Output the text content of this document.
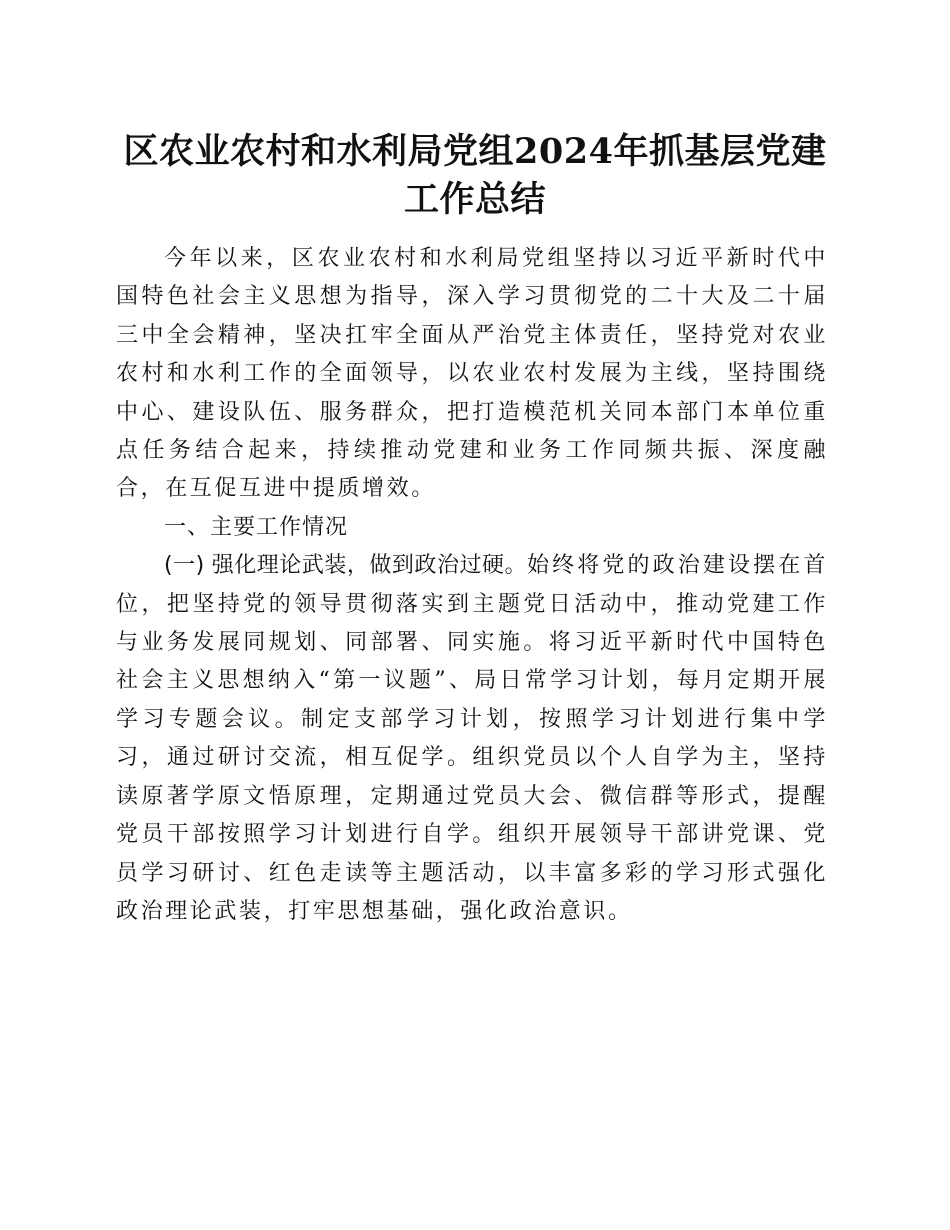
区农业农村和水利局党组2024年抓基层党建工作总结

今年以来，区农业农村和水利局党组坚持以习近平新时代中国特色社会主义思想为指导，深入学习贯彻党的二十大及二十届三中全会精神，坚决扛牢全面从严治党主体责任，坚持党对农业农村和水利工作的全面领导，以农业农村发展为主线，坚持围绕中心、建设队伍、服务群众，把打造模范机关同本部门本单位重点任务结合起来，持续推动党建和业务工作同频共振、深度融合，在互促互进中提质增效。

一、主要工作情况

(一) 强化理论武装，做到政治过硬。始终将党的政治建设摆在首位，把坚持党的领导贯彻落实到主题党日活动中，推动党建工作与业务发展同规划、同部署、同实施。将习近平新时代中国特色社会主义思想纳入“第一议题”、局日常学习计划，每月定期开展学习专题会议。制定支部学习计划，按照学习计划进行集中学习，通过研讨交流，相互促学。组织党员以个人自学为主，坚持读原著学原文悟原理，定期通过党员大会、微信群等形式，提醒党员干部按照学习计划进行自学。组织开展领导干部讲党课、党员学习研讨、红色走读等主题活动，以丰富多彩的学习形式强化政治理论武装，打牢思想基础，强化政治意识。
